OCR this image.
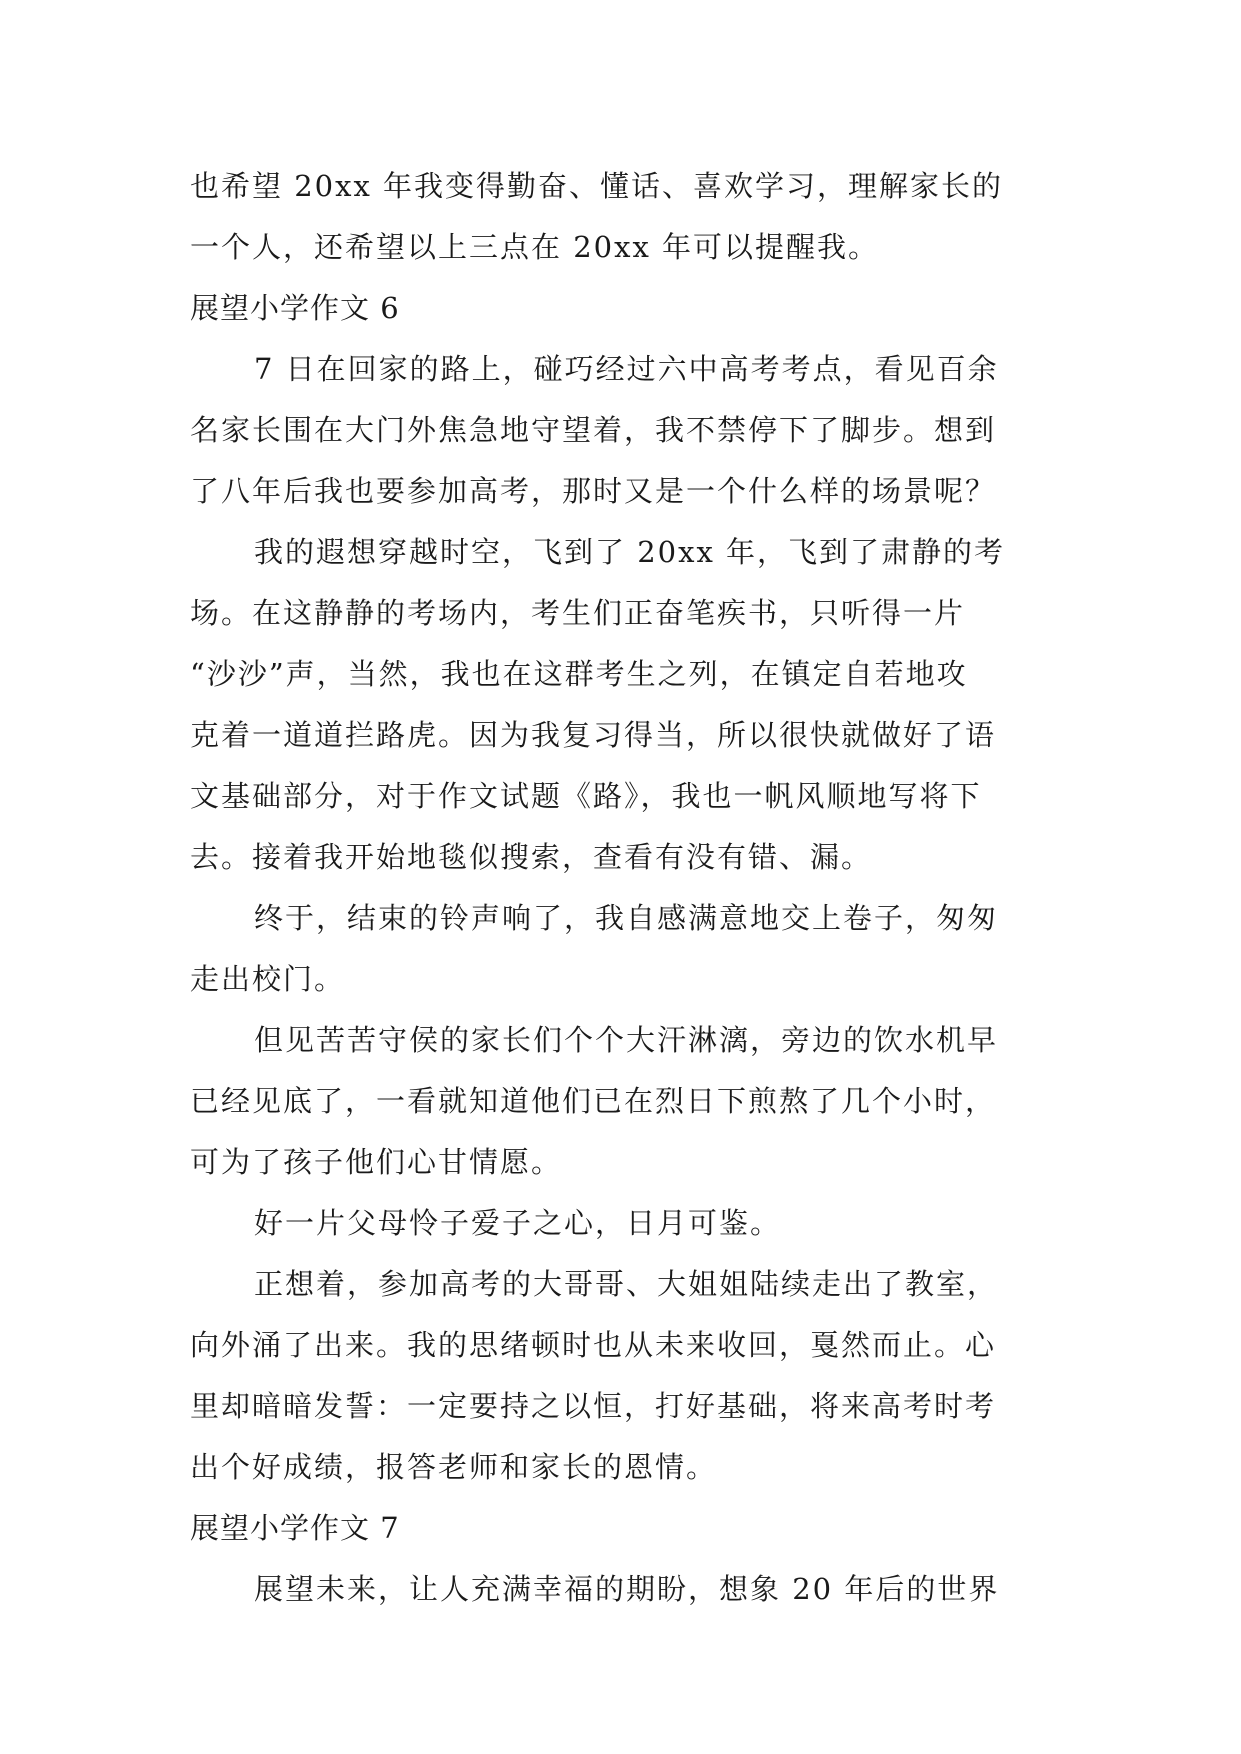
也希望 20xx 年我变得勤奋、懂话、喜欢学习，理解家长的
一个人，还希望以上三点在 20xx 年可以提醒我。
展望小学作文 6
7 日在回家的路上，碰巧经过六中高考考点，看见百余
名家长围在大门外焦急地守望着，我不禁停下了脚步。想到
了八年后我也要参加高考，那时又是一个什么样的场景呢？
我的遐想穿越时空，飞到了 20xx 年，飞到了肃静的考
场。在这静静的考场内，考生们正奋笔疾书，只听得一片
“沙沙”声，当然，我也在这群考生之列，在镇定自若地攻
克着一道道拦路虎。因为我复习得当，所以很快就做好了语
文基础部分，对于作文试题《路》，我也一帆风顺地写将下
去。接着我开始地毯似搜索，查看有没有错、漏。
终于，结束的铃声响了，我自感满意地交上卷子，匆匆
走出校门。
但见苦苦守侯的家长们个个大汗淋漓，旁边的饮水机早
已经见底了，一看就知道他们已在烈日下煎熬了几个小时，
可为了孩子他们心甘情愿。
好一片父母怜子爱子之心，日月可鉴。
正想着，参加高考的大哥哥、大姐姐陆续走出了教室，
向外涌了出来。我的思绪顿时也从未来收回，戛然而止。心
里却暗暗发誓：一定要持之以恒，打好基础，将来高考时考
出个好成绩，报答老师和家长的恩情。
展望小学作文 7
展望未来，让人充满幸福的期盼，想象 20 年后的世界
